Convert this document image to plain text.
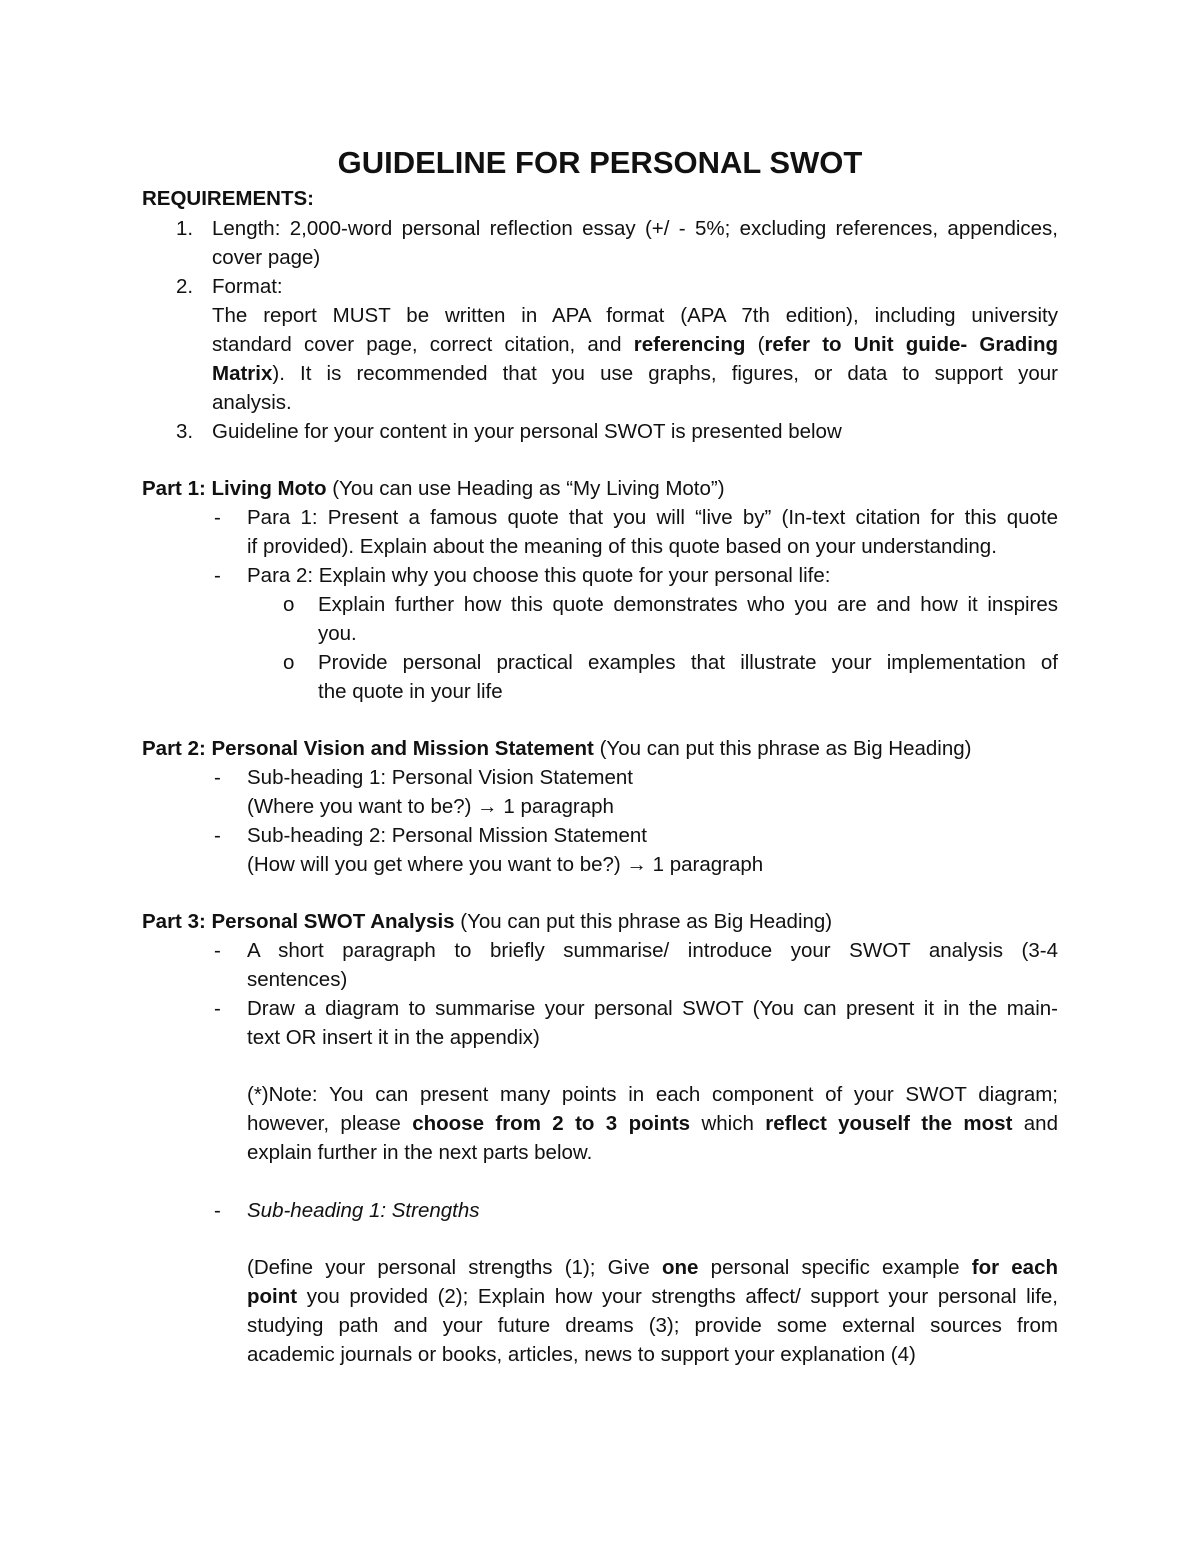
GUIDELINE FOR PERSONAL SWOT
REQUIREMENTS:
1. Length: 2,000-word personal reflection essay (+/ - 5%; excluding references, appendices,
cover page)
2. Format:
The report MUST be written in APA format (APA 7th edition), including university
standard cover page, correct citation, and referencing (refer to Unit guide- Grading
Matrix). It is recommended that you use graphs, figures, or data to support your
analysis.
3. Guideline for your content in your personal SWOT is presented below
Part 1: Living Moto (You can use Heading as “My Living Moto”)
- Para 1: Present a famous quote that you will “live by” (In-text citation for this quote
if provided). Explain about the meaning of this quote based on your understanding.
- Para 2: Explain why you choose this quote for your personal life:
o Explain further how this quote demonstrates who you are and how it inspires
you.
o Provide personal practical examples that illustrate your implementation of
the quote in your life
Part 2: Personal Vision and Mission Statement (You can put this phrase as Big Heading)
- Sub-heading 1: Personal Vision Statement
(Where you want to be?) → 1 paragraph
- Sub-heading 2: Personal Mission Statement
(How will you get where you want to be?) → 1 paragraph
Part 3: Personal SWOT Analysis (You can put this phrase as Big Heading)
- A short paragraph to briefly summarise/ introduce your SWOT analysis (3-4
sentences)
- Draw a diagram to summarise your personal SWOT (You can present it in the main-
text OR insert it in the appendix)
(*)Note: You can present many points in each component of your SWOT diagram;
however, please choose from 2 to 3 points which reflect youself the most and
explain further in the next parts below.
- Sub-heading 1: Strengths
(Define your personal strengths (1); Give one personal specific example for each
point you provided (2); Explain how your strengths affect/ support your personal life,
studying path and your future dreams (3); provide some external sources from
academic journals or books, articles, news to support your explanation (4)
